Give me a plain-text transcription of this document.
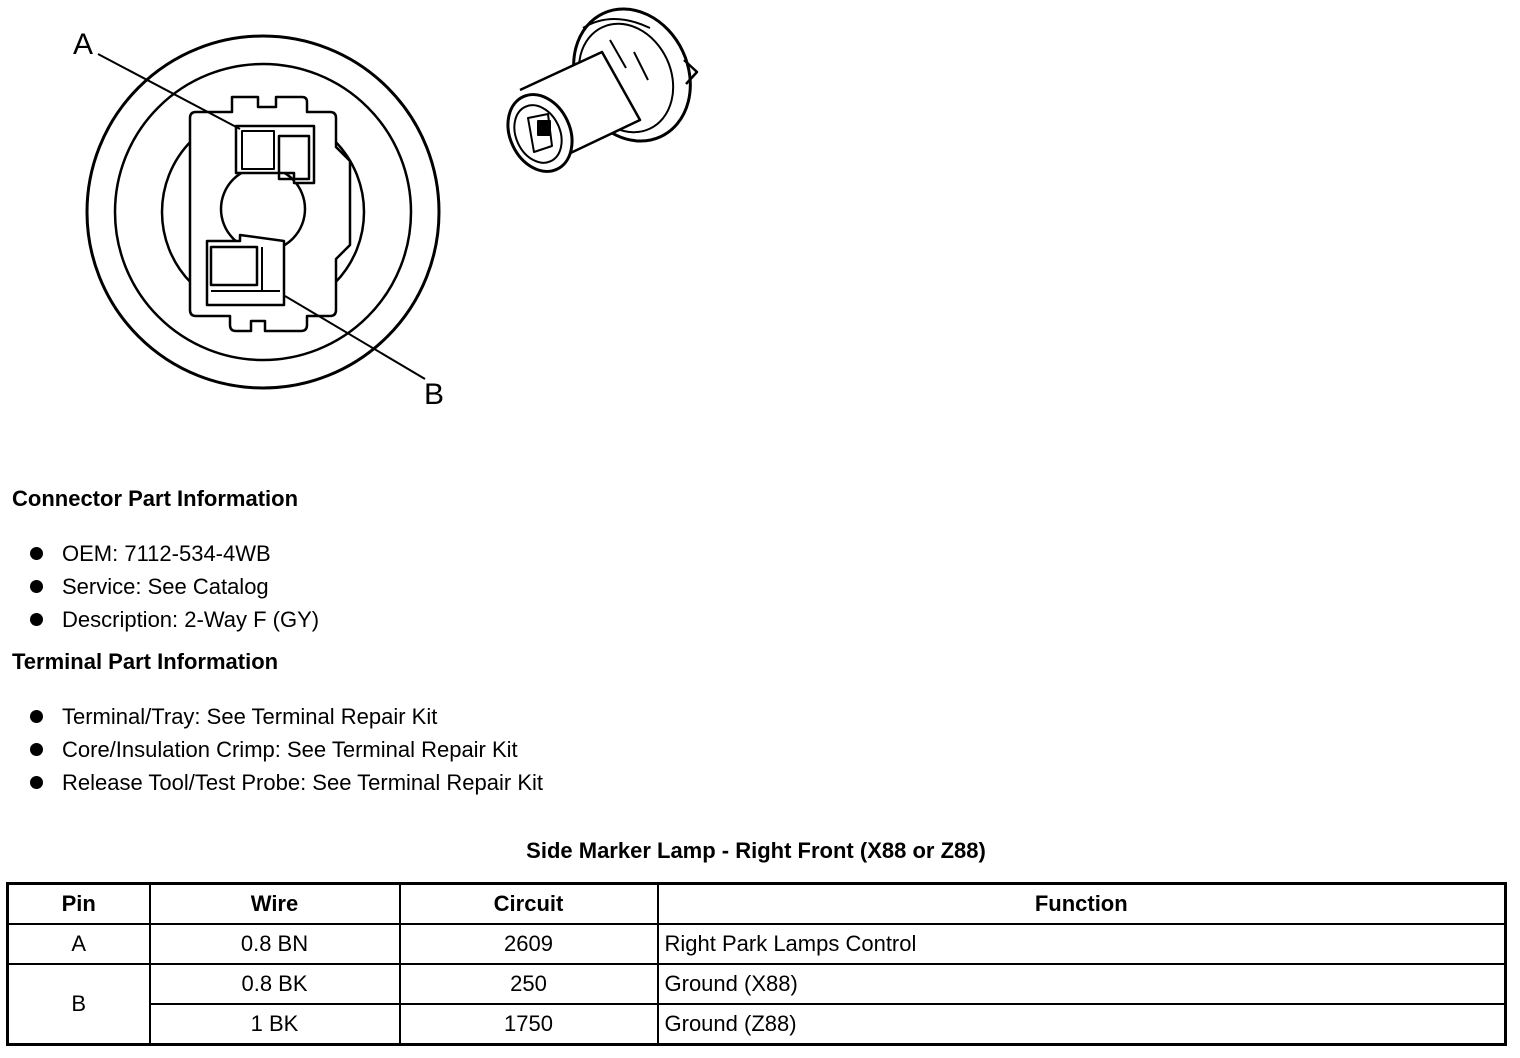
A
B
Connector Part Information
OEM: 7112-534-4WB
Service: See Catalog
Description: 2-Way F (GY)
Terminal Part Information
Terminal/Tray: See Terminal Repair Kit
Core/Insulation Crimp: See Terminal Repair Kit
Release Tool/Test Probe: See Terminal Repair Kit
Side Marker Lamp - Right Front (X88 or Z88)
Pin	Wire	Circuit	Function
A	0.8 BN	2609	Right Park Lamps Control
B	0.8 BK	250	Ground (X88)
	1 BK	1750	Ground (Z88)
